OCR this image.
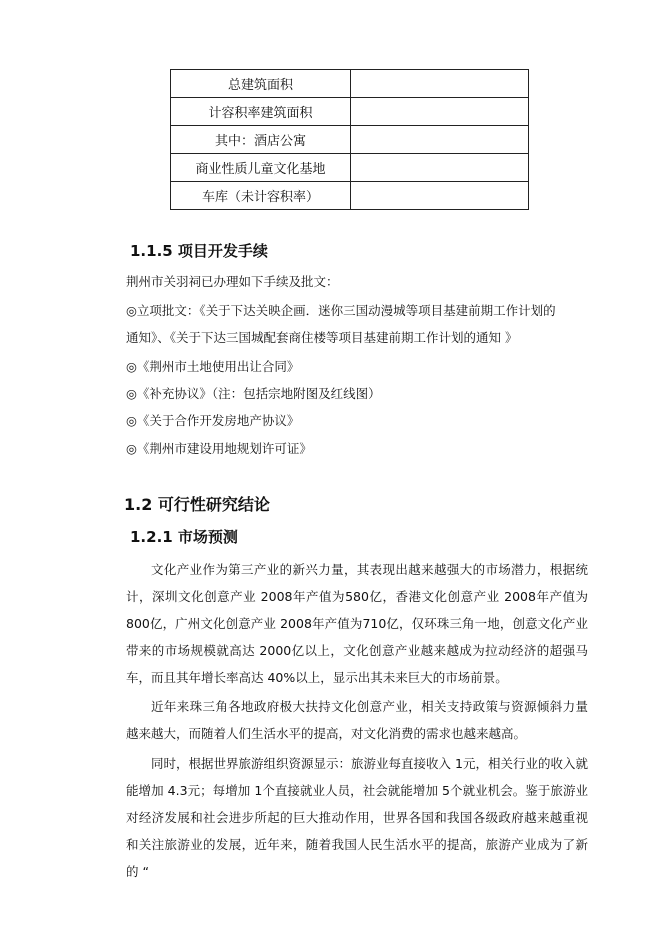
总建筑面积	
计容积率建筑面积	
其中：酒店公寓	
商业性质儿童文化基地	
车库（未计容积率）	
1.1.5 项目开发手续
荆州市关羽祠已办理如下手续及批文：
◎立项批文：《关于下达关映企画．迷你三国动漫城等项目基建前期工作计划的
通知》、《关于下达三国城配套商住楼等项目基建前期工作计划的通知 》
◎《荆州市土地使用出让合同》
◎《补充协议》（注：包括宗地附图及红线图）
◎《关于合作开发房地产协议》
◎《荆州市建设用地规划许可证》
1.2 可行性研究结论
1.2.1 市场预测

文化产业作为第三产业的新兴力量，其表现出越来越强大的市场潜力，根据统计，深圳文化创意产业 2008年产值为580亿，香港文化创意产业 2008年产值为800亿，广州文化创意产业 2008年产值为710亿，仅环珠三角一地，创意文化产业带来的市场规模就高达 2000亿以上，文化创意产业越来越成为拉动经济的超强马车，而且其年增长率高达 40%以上，显示出其未来巨大的市场前景。

近年来珠三角各地政府极大扶持文化创意产业，相关支持政策与资源倾斜力量越来越大，而随着人们生活水平的提高，对文化消费的需求也越来越高。

同时，根据世界旅游组织资源显示：旅游业每直接收入 1元，相关行业的收入就能增加 4.3元；每增加 1个直接就业人员，社会就能增加 5个就业机会。鉴于旅游业对经济发展和社会进步所起的巨大推动作用，世界各国和我国各级政府越来越重视和关注旅游业的发展，近年来，随着我国人民生活水平的提高，旅游产业成为了新的 “
